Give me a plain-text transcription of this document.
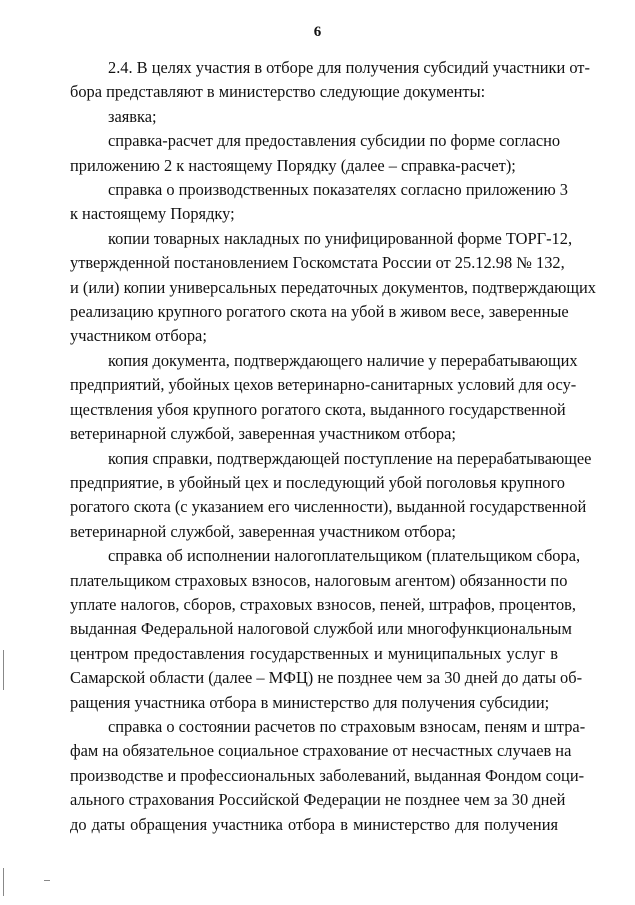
6
2.4. В целях участия в отборе для получения субсидий участники от-
бора представляют в министерство следующие документы:
заявка;
справка-расчет для предоставления субсидии по форме согласно
приложению 2 к настоящему Порядку (далее – справка-расчет);
справка о производственных показателях согласно приложению 3
к настоящему Порядку;
копии товарных накладных по унифицированной форме ТОРГ-12,
утвержденной постановлением Госкомстата России от 25.12.98 № 132,
и (или) копии универсальных передаточных документов, подтверждающих
реализацию крупного рогатого скота на убой в живом весе, заверенные
участником отбора;
копия документа, подтверждающего наличие у перерабатывающих
предприятий, убойных цехов ветеринарно-санитарных условий для осу-
ществления убоя крупного рогатого скота, выданного государственной
ветеринарной службой, заверенная участником отбора;
копия справки, подтверждающей поступление на перерабатывающее
предприятие, в убойный цех и последующий убой поголовья крупного
рогатого скота (с указанием его численности), выданной государственной
ветеринарной службой, заверенная участником отбора;
справка об исполнении налогоплательщиком (плательщиком сбора,
плательщиком страховых взносов, налоговым агентом) обязанности по
уплате налогов, сборов, страховых взносов, пеней, штрафов, процентов,
выданная Федеральной налоговой службой или многофункциональным
центром предоставления государственных и муниципальных услуг в
Самарской области (далее – МФЦ) не позднее чем за 30 дней до даты об-
ращения участника отбора в министерство для получения субсидии;
справка о состоянии расчетов по страховым взносам, пеням и штра-
фам на обязательное социальное страхование от несчастных случаев на
производстве и профессиональных заболеваний, выданная Фондом соци-
ального страхования Российской Федерации не позднее чем за 30 дней
до даты обращения участника отбора в министерство для получения
